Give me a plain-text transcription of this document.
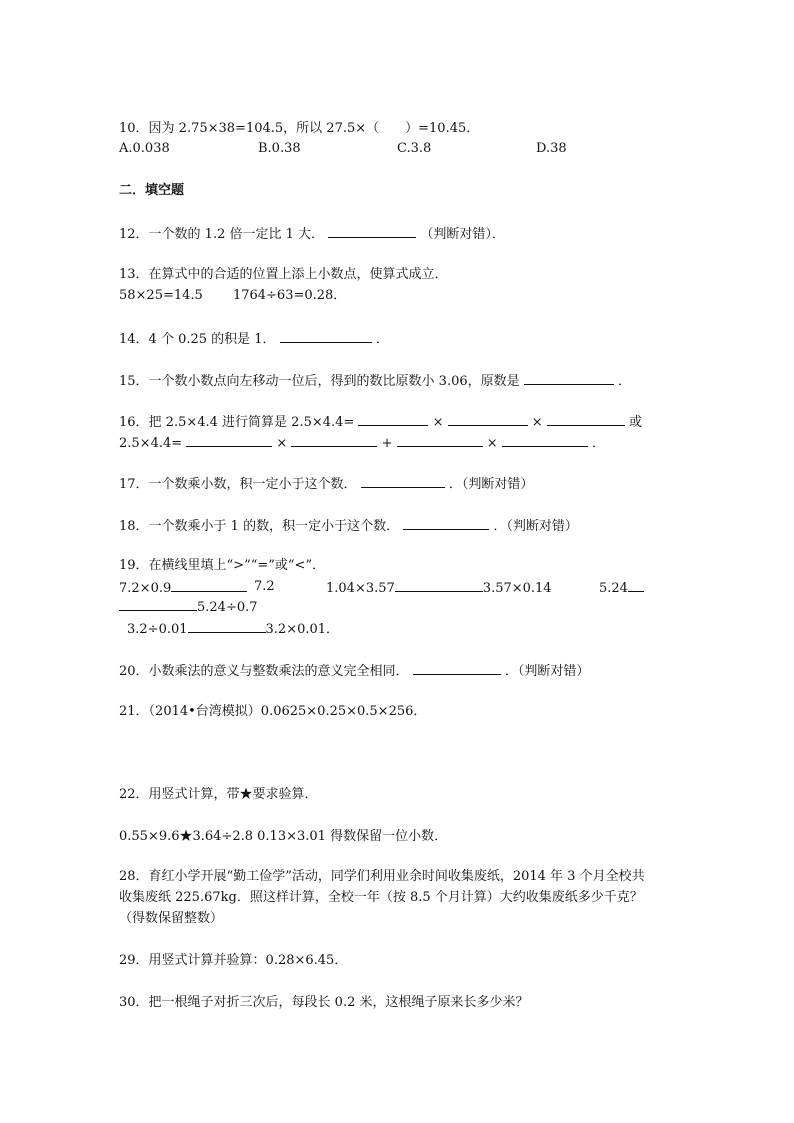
10．因为 2.75×38=104.5，所以 27.5×（　　）=10.45．
A.0.038	B.0.38	C.3.8	D.38
二．填空题
12．一个数的 1.2 倍一定比 1 大．	（判断对错）．
13．在算式中的合适的位置上添上小数点，使算式成立．
58×25=14.5　　 1764÷63=0.28．
14．4 个 0.25 的积是 1．	．
15．一个数小数点向左移动一位后，得到的数比原数小 3.06，原数是	．
16．把 2.5×4.4 进行简算是 2.5×4.4=	×	×	或
2.5×4.4=	×	+	×	．
17．一个数乘小数，积一定小于这个数．	．（判断对错）
18．一个数乘小于 1 的数，积一定小于这个数．	．（判断对错）
19．在横线里填上“>”“=”或“<”．
7.2×0.9	7.2	1.04×3.57	3.57×0.14	5.24
5.24÷0.7
3.2÷0.01	3.2×0.01．
20．小数乘法的意义与整数乘法的意义完全相同．	．（判断对错）
21．（2014•台湾模拟）0.0625×0.25×0.5×256．
22．用竖式计算，带★要求验算．
0.55×9.6★3.64÷2.8 0.13×3.01 得数保留一位小数．
28．育红小学开展“勤工俭学”活动，同学们利用业余时间收集废纸，2014 年 3 个月全校共
收集废纸 225.67kg．照这样计算，全校一年（按 8.5 个月计算）大约收集废纸多少千克？
（得数保留整数）
29．用竖式计算并验算：0.28×6.45．
30．把一根绳子对折三次后，每段长 0.2 米，这根绳子原来长多少米？
